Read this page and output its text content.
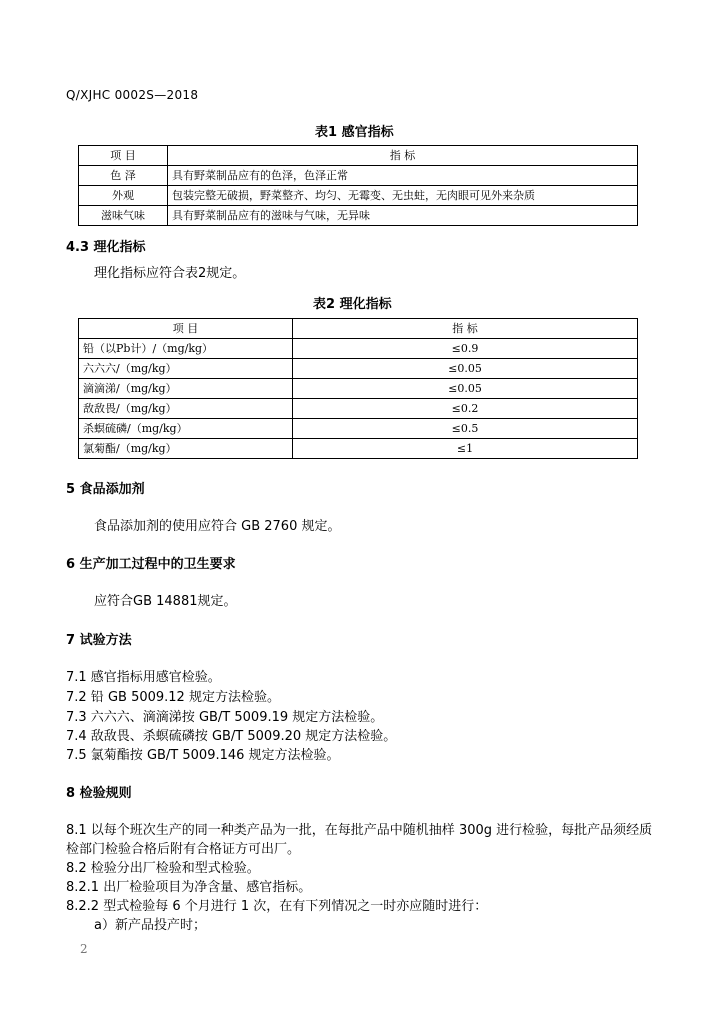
Q/XJHC 0002S—2018
表1 感官指标
项 目	指 标
色 泽	具有野菜制品应有的色泽，色泽正常
外观	包装完整无破损，野菜整齐、均匀、无霉变、无虫蛀，无肉眼可见外来杂质
滋味气味	具有野菜制品应有的滋味与气味，无异味
4.3 理化指标
理化指标应符合表2规定。
表2 理化指标
项 目	指 标
铅（以Pb计）/（mg/kg）	≤0.9
六六六/（mg/kg）	≤0.05
滴滴涕/（mg/kg）	≤0.05
敌敌畏/（mg/kg）	≤0.2
杀螟硫磷/（mg/kg）	≤0.5
氯菊酯/（mg/kg）	≤1
5 食品添加剂
食品添加剂的使用应符合 GB 2760 规定。
6 生产加工过程中的卫生要求
应符合GB 14881规定。
7 试验方法
7.1 感官指标用感官检验。
7.2 铅 GB 5009.12 规定方法检验。
7.3 六六六、滴滴涕按 GB/T 5009.19 规定方法检验。
7.4 敌敌畏、杀螟硫磷按 GB/T 5009.20 规定方法检验。
7.5 氯菊酯按 GB/T 5009.146 规定方法检验。
8 检验规则
8.1 以每个班次生产的同一种类产品为一批，在每批产品中随机抽样 300g 进行检验，每批产品须经质
检部门检验合格后附有合格证方可出厂。
8.2 检验分出厂检验和型式检验。
8.2.1 出厂检验项目为净含量、感官指标。
8.2.2 型式检验每 6 个月进行 1 次，在有下列情况之一时亦应随时进行：
a）新产品投产时；
2
